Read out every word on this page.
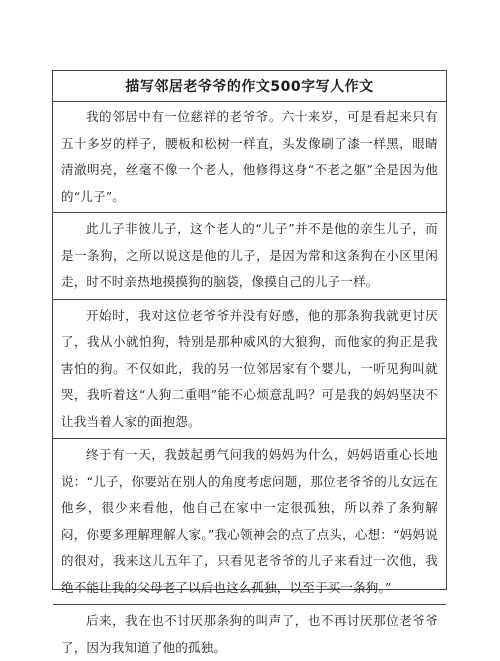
描写邻居老爷爷的作文500字写人作文

我的邻居中有一位慈祥的老爷爷。六十来岁，可是看起来只有五十多岁的样子，腰板和松树一样直，头发像刷了漆一样黑，眼睛清澈明亮，丝毫不像一个老人，他修得这身“不老之躯”全是因为他的“儿子”。

此儿子非彼儿子，这个老人的“儿子”并不是他的亲生儿子，而是一条狗，之所以说这是他的儿子，是因为常和这条狗在小区里闲走，时不时亲热地摸摸狗的脑袋，像摸自己的儿子一样。

开始时，我对这位老爷爷并没有好感，他的那条狗我就更讨厌了，我从小就怕狗，特别是那种威风的大狼狗，而他家的狗正是我害怕的狗。不仅如此，我的另一位邻居家有个婴儿，一听见狗叫就哭，我听着这“人狗二重唱”能不心烦意乱吗？可是我的妈妈坚决不让我当着人家的面抱怨。

终于有一天，我鼓起勇气问我的妈妈为什么，妈妈语重心长地说：“儿子，你要站在别人的角度考虑问题，那位老爷爷的儿女远在他乡，很少来看他，他自己在家中一定很孤独，所以养了条狗解闷，你要多理解理解人家。”我心领神会的点了点头，心想：“妈妈说的很对，我来这儿五年了，只看见老爷爷的儿子来看过一次他，我绝不能让我的父母老了以后也这么孤独，以至于买一条狗。”

后来，我在也不讨厌那条狗的叫声了，也不再讨厌那位老爷爷了，因为我知道了他的孤独。
